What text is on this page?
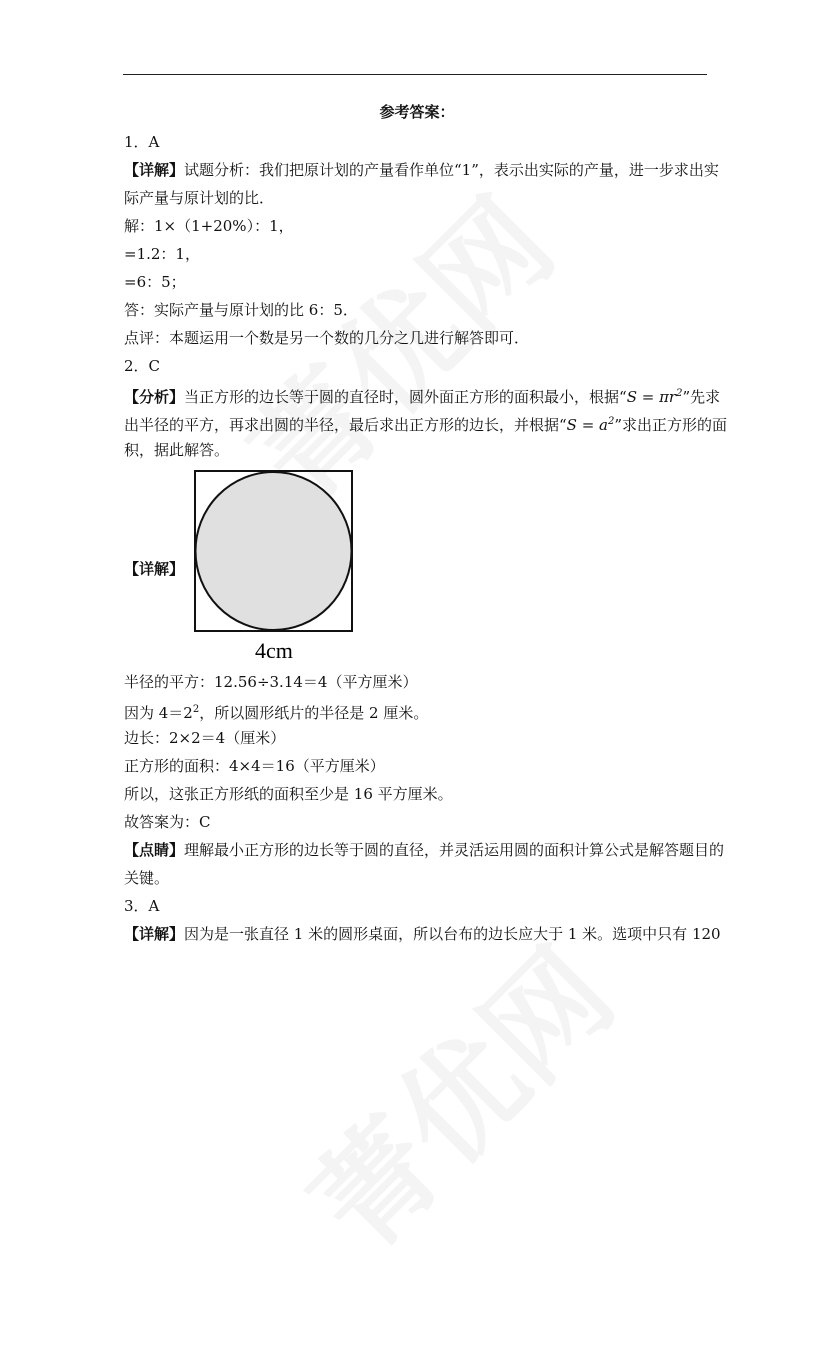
参考答案：
1．A
【详解】试题分析：我们把原计划的产量看作单位“1”，表示出实际的产量，进一步求出实
际产量与原计划的比．
解：1×（1+20%）：1，
=1.2：1，
=6：5；
答：实际产量与原计划的比 6：5．
点评：本题运用一个数是另一个数的几分之几进行解答即可．
2．C
【分析】当正方形的边长等于圆的直径时，圆外面正方形的面积最小，根据“$S = \pi r^2$”先求
出半径的平方，再求出圆的半径，最后求出正方形的边长，并根据“$S = a^2$”求出正方形的面
积，据此解答。
【详解】
4cm
半径的平方：12.56÷3.14＝4（平方厘米）
因为 $4=2^2$，所以圆形纸片的半径是 2 厘米。
边长：2×2＝4（厘米）
正方形的面积：4×4＝16（平方厘米）
所以，这张正方形纸的面积至少是 16 平方厘米。
故答案为：C
【点睛】理解最小正方形的边长等于圆的直径，并灵活运用圆的面积计算公式是解答题目的
关键。
3．A
【详解】因为是一张直径 1 米的圆形桌面，所以台布的边长应大于 1 米。选项中只有 120
